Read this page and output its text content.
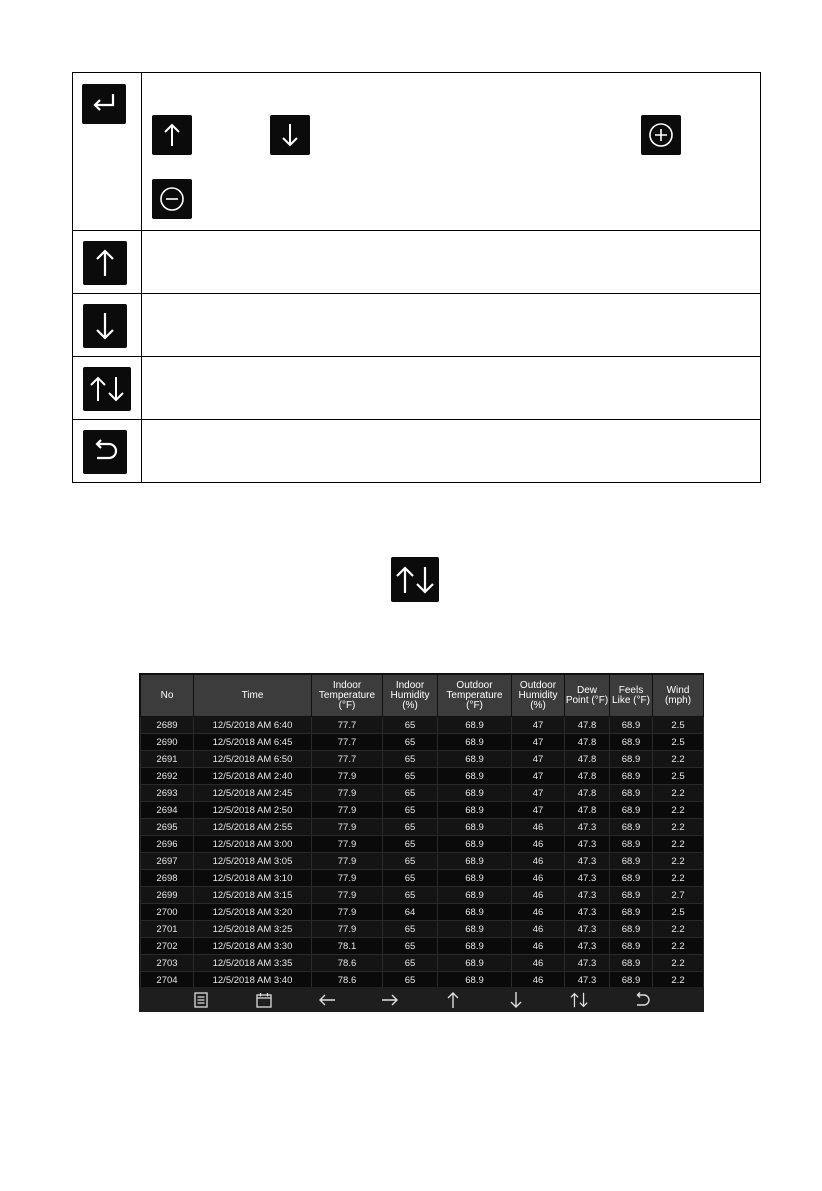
No	Time	Indoor Temperature (°F)	Indoor Humidity (%)	Outdoor Temperature (°F)	Outdoor Humidity (%)	Dew Point (°F)	Feels Like (°F)	Wind (mph)
2689	12/5/2018 AM 6:40	77.7	65	68.9	47	47.8	68.9	2.5
2690	12/5/2018 AM 6:45	77.7	65	68.9	47	47.8	68.9	2.5
2691	12/5/2018 AM 6:50	77.7	65	68.9	47	47.8	68.9	2.2
2692	12/5/2018 AM 2:40	77.9	65	68.9	47	47.8	68.9	2.5
2693	12/5/2018 AM 2:45	77.9	65	68.9	47	47.8	68.9	2.2
2694	12/5/2018 AM 2:50	77.9	65	68.9	47	47.8	68.9	2.2
2695	12/5/2018 AM 2:55	77.9	65	68.9	46	47.3	68.9	2.2
2696	12/5/2018 AM 3:00	77.9	65	68.9	46	47.3	68.9	2.2
2697	12/5/2018 AM 3:05	77.9	65	68.9	46	47.3	68.9	2.2
2698	12/5/2018 AM 3:10	77.9	65	68.9	46	47.3	68.9	2.2
2699	12/5/2018 AM 3:15	77.9	65	68.9	46	47.3	68.9	2.7
2700	12/5/2018 AM 3:20	77.9	64	68.9	46	47.3	68.9	2.5
2701	12/5/2018 AM 3:25	77.9	65	68.9	46	47.3	68.9	2.2
2702	12/5/2018 AM 3:30	78.1	65	68.9	46	47.3	68.9	2.2
2703	12/5/2018 AM 3:35	78.6	65	68.9	46	47.3	68.9	2.2
2704	12/5/2018 AM 3:40	78.6	65	68.9	46	47.3	68.9	2.2
